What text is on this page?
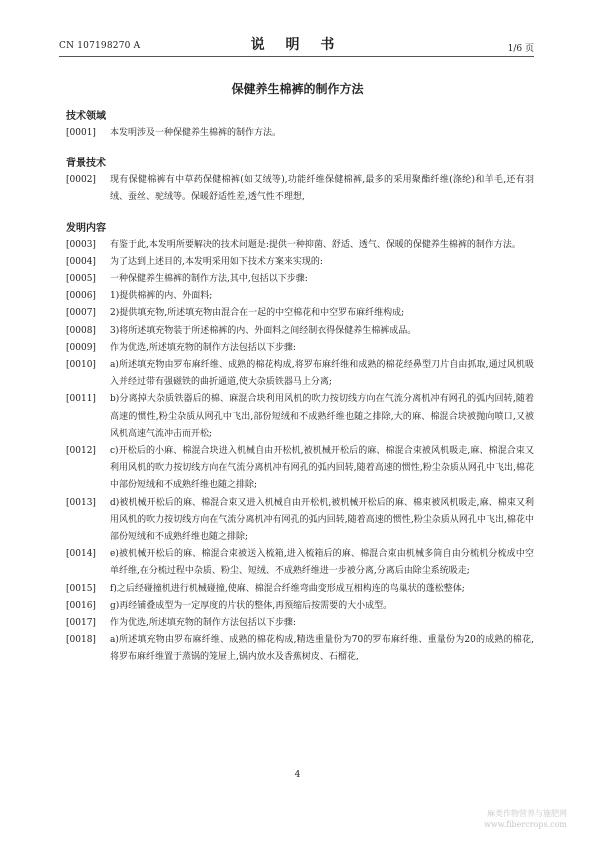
CN 107198270 A	说 明 书	1/6 页
保健养生棉裤的制作方法
技术领域
[0001]	本发明涉及一种保健养生棉裤的制作方法。
背景技术
[0002]	现有保健棉裤有中草药保健棉裤(如艾绒等),功能纤维保健棉裤,最多的采用聚酯纤维(涤纶)和羊毛,还有羽绒、蚕丝、驼绒等。保暖舒适性差,透气性不理想,
发明内容
[0003]	有鉴于此,本发明所要解决的技术问题是:提供一种抑菌、舒适、透气、保暖的保健养生棉裤的制作方法。
[0004]	为了达到上述目的,本发明采用如下技术方案来实现的:
[0005]	一种保健养生棉裤的制作方法,其中,包括以下步骤:
[0006]	1)提供棉裤的内、外面料;
[0007]	2)提供填充物,所述填充物由混合在一起的中空棉花和中空罗布麻纤维构成;
[0008]	3)将所述填充物装于所述棉裤的内、外面料之间经制衣得保健养生棉裤成品。
[0009]	作为优选,所述填充物的制作方法包括以下步骤:
[0010]	a)所述填充物由罗布麻纤维、成熟的棉花构成,将罗布麻纤维和成熟的棉花经鼻型刀片自由抓取,通过风机吸入并经过带有强磁铁的曲折通道,使大杂质铁器马上分离;
[0011]	b)分离掉大杂质铁器后的棉、麻混合块利用风机的吹力按切线方向在气流分离机冲有网孔的弧内回转,随着高速的惯性,粉尘杂质从网孔中飞出,部份短绒和不成熟纤维也随之排除,大的麻、棉混合块被抛向喷口,又被风机高速气流冲击而开松;
[0012]	c)开松后的小麻、棉混合块进入机械自由开松机,被机械开松后的麻、棉混合束被风机吸走,麻、棉混合束又利用风机的吹力按切线方向在气流分离机冲有网孔的弧内回转,随着高速的惯性,粉尘杂质从网孔中飞出,棉花中部份短绒和不成熟纤维也随之排除;
[0013]	d)被机械开松后的麻、棉混合束又进入机械自由开松机,被机械开松后的麻、棉束被风机吸走,麻、棉束又利用风机的吹力按切线方向在气流分离机冲有网孔的弧内回转,随着高速的惯性,粉尘杂质从网孔中飞出,棉花中部份短绒和不成熟纤维也随之排除;
[0014]	e)被机械开松后的麻、棉混合束被送入梳箱,进入梳箱后的麻、棉混合束由机械多筒自由分梳机分梳成中空单纤维,在分梳过程中杂质、粉尘、短绒、不成熟纤维进一步被分离,分离后由除尘系统吸走;
[0015]	f)之后经碰撞机进行机械碰撞,使麻、棉混合纤维弯曲变形成互相构连的鸟巢状的蓬松整体;
[0016]	g)再经铺叠成型为一定厚度的片状的整体,再预缩后按需要的大小成型。
[0017]	作为优选,所述填充物的制作方法包括以下步骤:
[0018]	a)所述填充物由罗布麻纤维、成熟的棉花构成,精选重量份为70的罗布麻纤维、重量份为20的成熟的棉花,将罗布麻纤维置于蒸锅的笼屉上,锅内放水及香蕉树皮、石榴花,
4
麻类作物营养与施肥网
www.fibercrops.com
